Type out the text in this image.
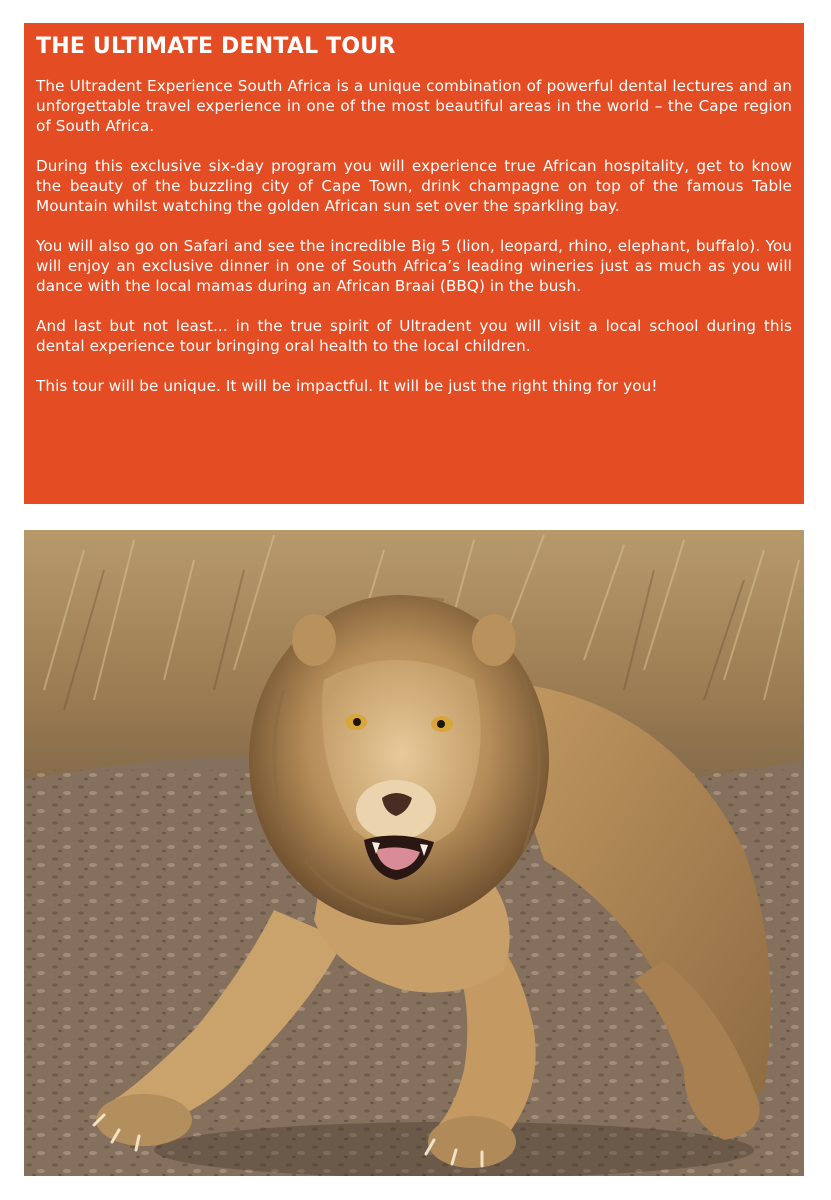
THE ULTIMATE DENTAL TOUR

The Ultradent Experience South Africa is a unique combination of powerful dental lectures and an unforgettable travel experience in one of the most beautiful areas in the world – the Cape region of South Africa.

During this exclusive six-day program you will experience true African hospitality, get to know the beauty of the buzzling city of Cape Town, drink champagne on top of the famous Table Mountain whilst watching the golden African sun set over the sparkling bay.

You will also go on Safari and see the incredible Big 5 (lion, leopard, rhino, elephant, buffalo). You will enjoy an exclusive dinner in one of South Africa’s leading wineries just as much as you will dance with the local mamas during an African Braai (BBQ) in the bush.

And last but not least... in the true spirit of Ultradent you will visit a local school during this dental experience tour bringing oral health to the local children.

This tour will be unique. It will be impactful. It will be just the right thing for you!
